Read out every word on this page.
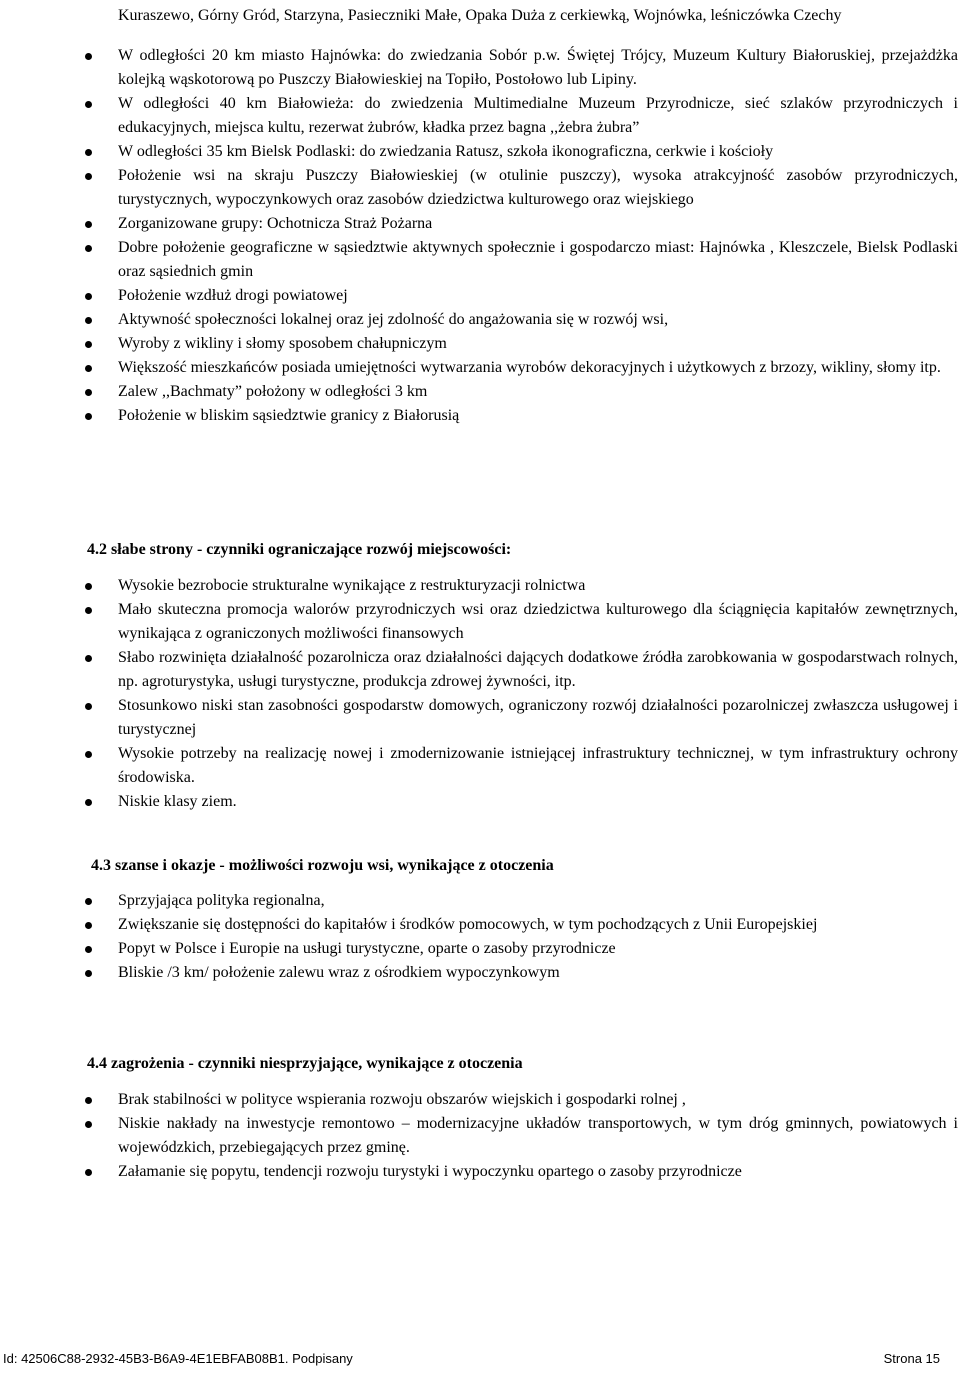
Kuraszewo, Górny Gród, Starzyna, Pasieczniki Małe, Opaka Duża z cerkiewką, Wojnówka, leśniczówka Czechy
W odległości 20 km miasto Hajnówka: do zwiedzania Sobór p.w. Świętej Trójcy, Muzeum Kultury Białoruskiej, przejażdżka kolejką wąskotorową po Puszczy Białowieskiej na Topiło, Postołowo lub Lipiny.
W odległości 40 km Białowieża: do zwiedzenia Multimedialne Muzeum Przyrodnicze, sieć szlaków przyrodniczych i edukacyjnych, miejsca kultu, rezerwat żubrów, kładka przez bagna ,,żebra żubra”
W odległości 35 km Bielsk Podlaski: do zwiedzania Ratusz, szkoła ikonograficzna, cerkwie i kościoły
Położenie wsi na skraju Puszczy Białowieskiej (w otulinie puszczy), wysoka atrakcyjność zasobów przyrodniczych, turystycznych, wypoczynkowych oraz zasobów dziedzictwa kulturowego oraz wiejskiego
Zorganizowane grupy: Ochotnicza Straż Pożarna
Dobre położenie geograficzne w sąsiedztwie aktywnych społecznie i gospodarczo miast: Hajnówka , Kleszczele, Bielsk Podlaski oraz sąsiednich gmin
Położenie wzdłuż drogi powiatowej
Aktywność społeczności lokalnej oraz jej zdolność do angażowania się w rozwój wsi,
Wyroby z wikliny i słomy sposobem chałupniczym
Większość mieszkańców posiada umiejętności wytwarzania wyrobów dekoracyjnych i użytkowych z brzozy, wikliny, słomy itp.
Zalew ,,Bachmaty” położony w odległości 3 km
Położenie w bliskim sąsiedztwie granicy z Białorusią
4.2 słabe strony - czynniki ograniczające rozwój miejscowości:
Wysokie bezrobocie strukturalne wynikające z restrukturyzacji rolnictwa
Mało skuteczna promocja walorów przyrodniczych wsi oraz dziedzictwa kulturowego dla ściągnięcia kapitałów zewnętrznych, wynikająca z ograniczonych możliwości finansowych
Słabo rozwinięta działalność pozarolnicza oraz działalności dających dodatkowe źródła zarobkowania w gospodarstwach rolnych, np. agroturystyka, usługi turystyczne, produkcja zdrowej żywności, itp.
Stosunkowo niski stan zasobności gospodarstw domowych, ograniczony rozwój działalności pozarolniczej zwłaszcza usługowej i turystycznej
Wysokie potrzeby na realizację nowej i zmodernizowanie istniejącej infrastruktury technicznej, w tym infrastruktury ochrony środowiska.
Niskie klasy ziem.
4.3 szanse i okazje - możliwości rozwoju wsi, wynikające z otoczenia
Sprzyjająca polityka regionalna,
Zwiększanie się dostępności do kapitałów i środków pomocowych, w tym pochodzących z Unii Europejskiej
Popyt w Polsce i Europie na usługi turystyczne, oparte o zasoby przyrodnicze
Bliskie /3 km/ położenie zalewu wraz z ośrodkiem wypoczynkowym
4.4 zagrożenia - czynniki niesprzyjające, wynikające z otoczenia
Brak stabilności w polityce wspierania rozwoju obszarów wiejskich i gospodarki rolnej ,
Niskie nakłady na inwestycje remontowo – modernizacyjne układów transportowych, w tym dróg gminnych, powiatowych i wojewódzkich, przebiegających przez gminę.
Załamanie się popytu, tendencji rozwoju turystyki i wypoczynku opartego o zasoby przyrodnicze
Id: 42506C88-2932-45B3-B6A9-4E1EBFAB08B1. Podpisany	Strona 15
